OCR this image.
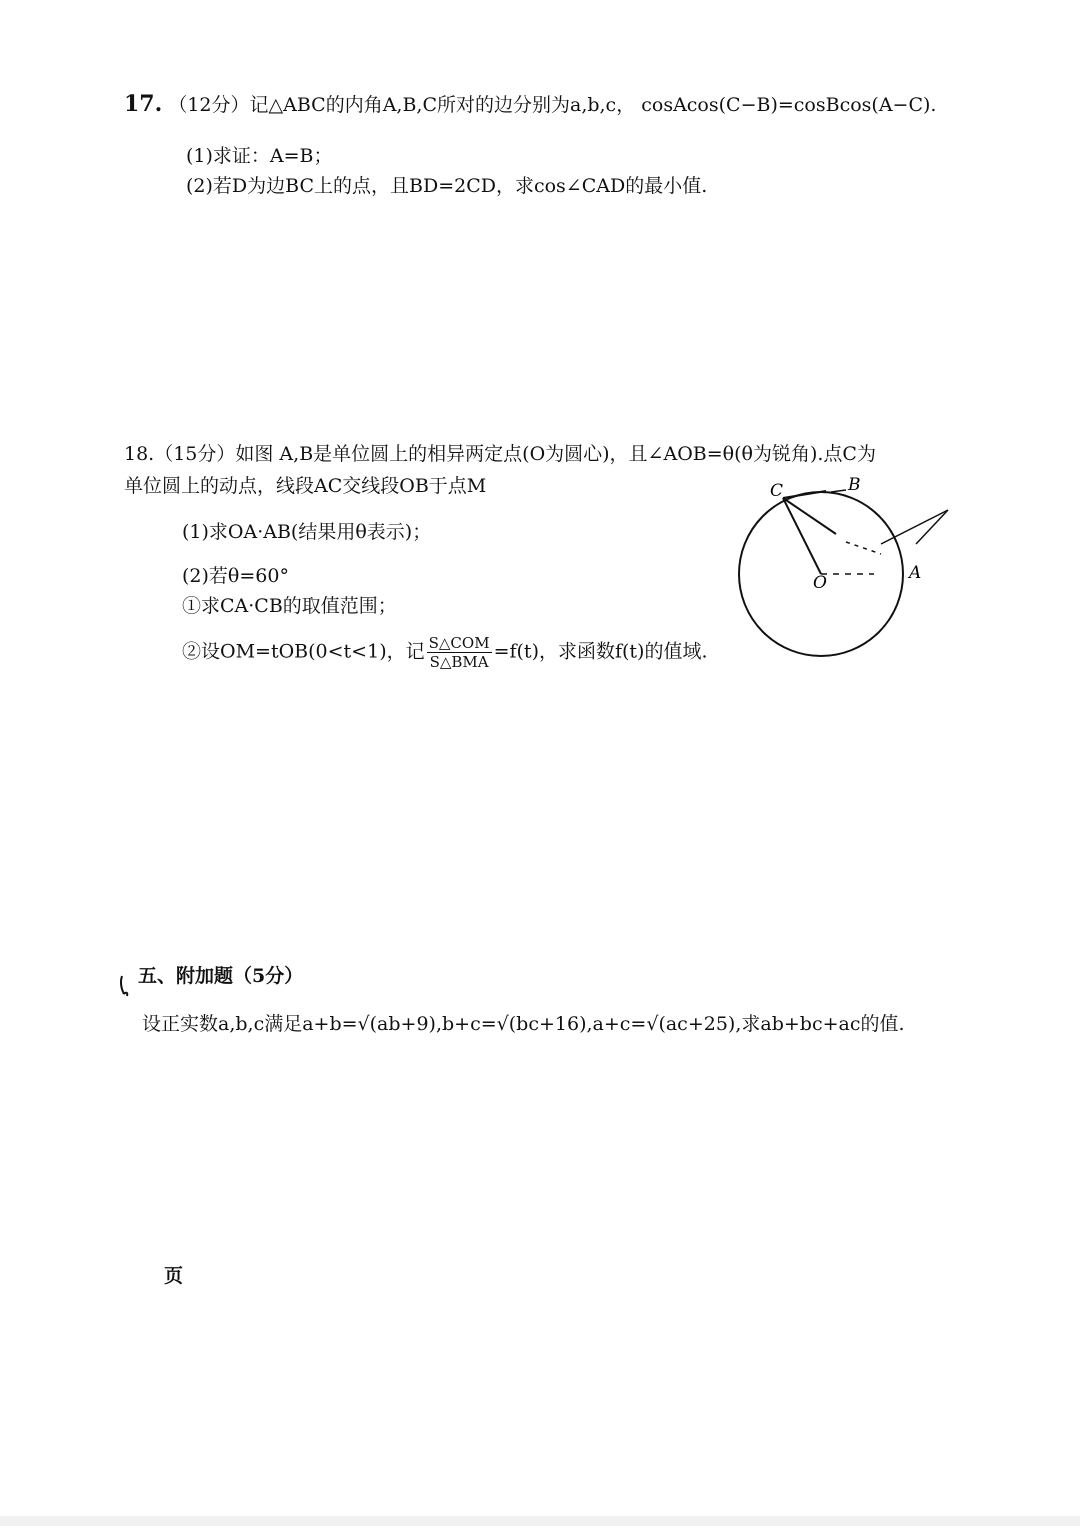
17. （12分）记△ABC的内角A,B,C所对的边分别为a,b,c， cosAcos(C−B)=cosBcos(A−C).
(1)求证：A=B；
(2)若D为边BC上的点，且BD=2CD，求cos∠CAD的最小值.
18.（15分）如图 A,B是单位圆上的相异两定点(O为圆心)，且∠AOB=θ(θ为锐角).点C为
单位圆上的动点，线段AC交线段OB于点M
(1)求OA·AB(结果用θ表示)；
(2)若θ=60°
①求CA·CB的取值范围；
②设OM=tOB(0<t<1)，记 $\frac{\text{S△COM}}{\text{S△BMA}} =f(t)$，求函数f(t)的值域.
C	B
O	A
五、附加题（5分）
设正实数a,b,c满足a+b=√(ab+9),b+c=√(bc+16),a+c=√(ac+25),求ab+bc+ac的值.
页
